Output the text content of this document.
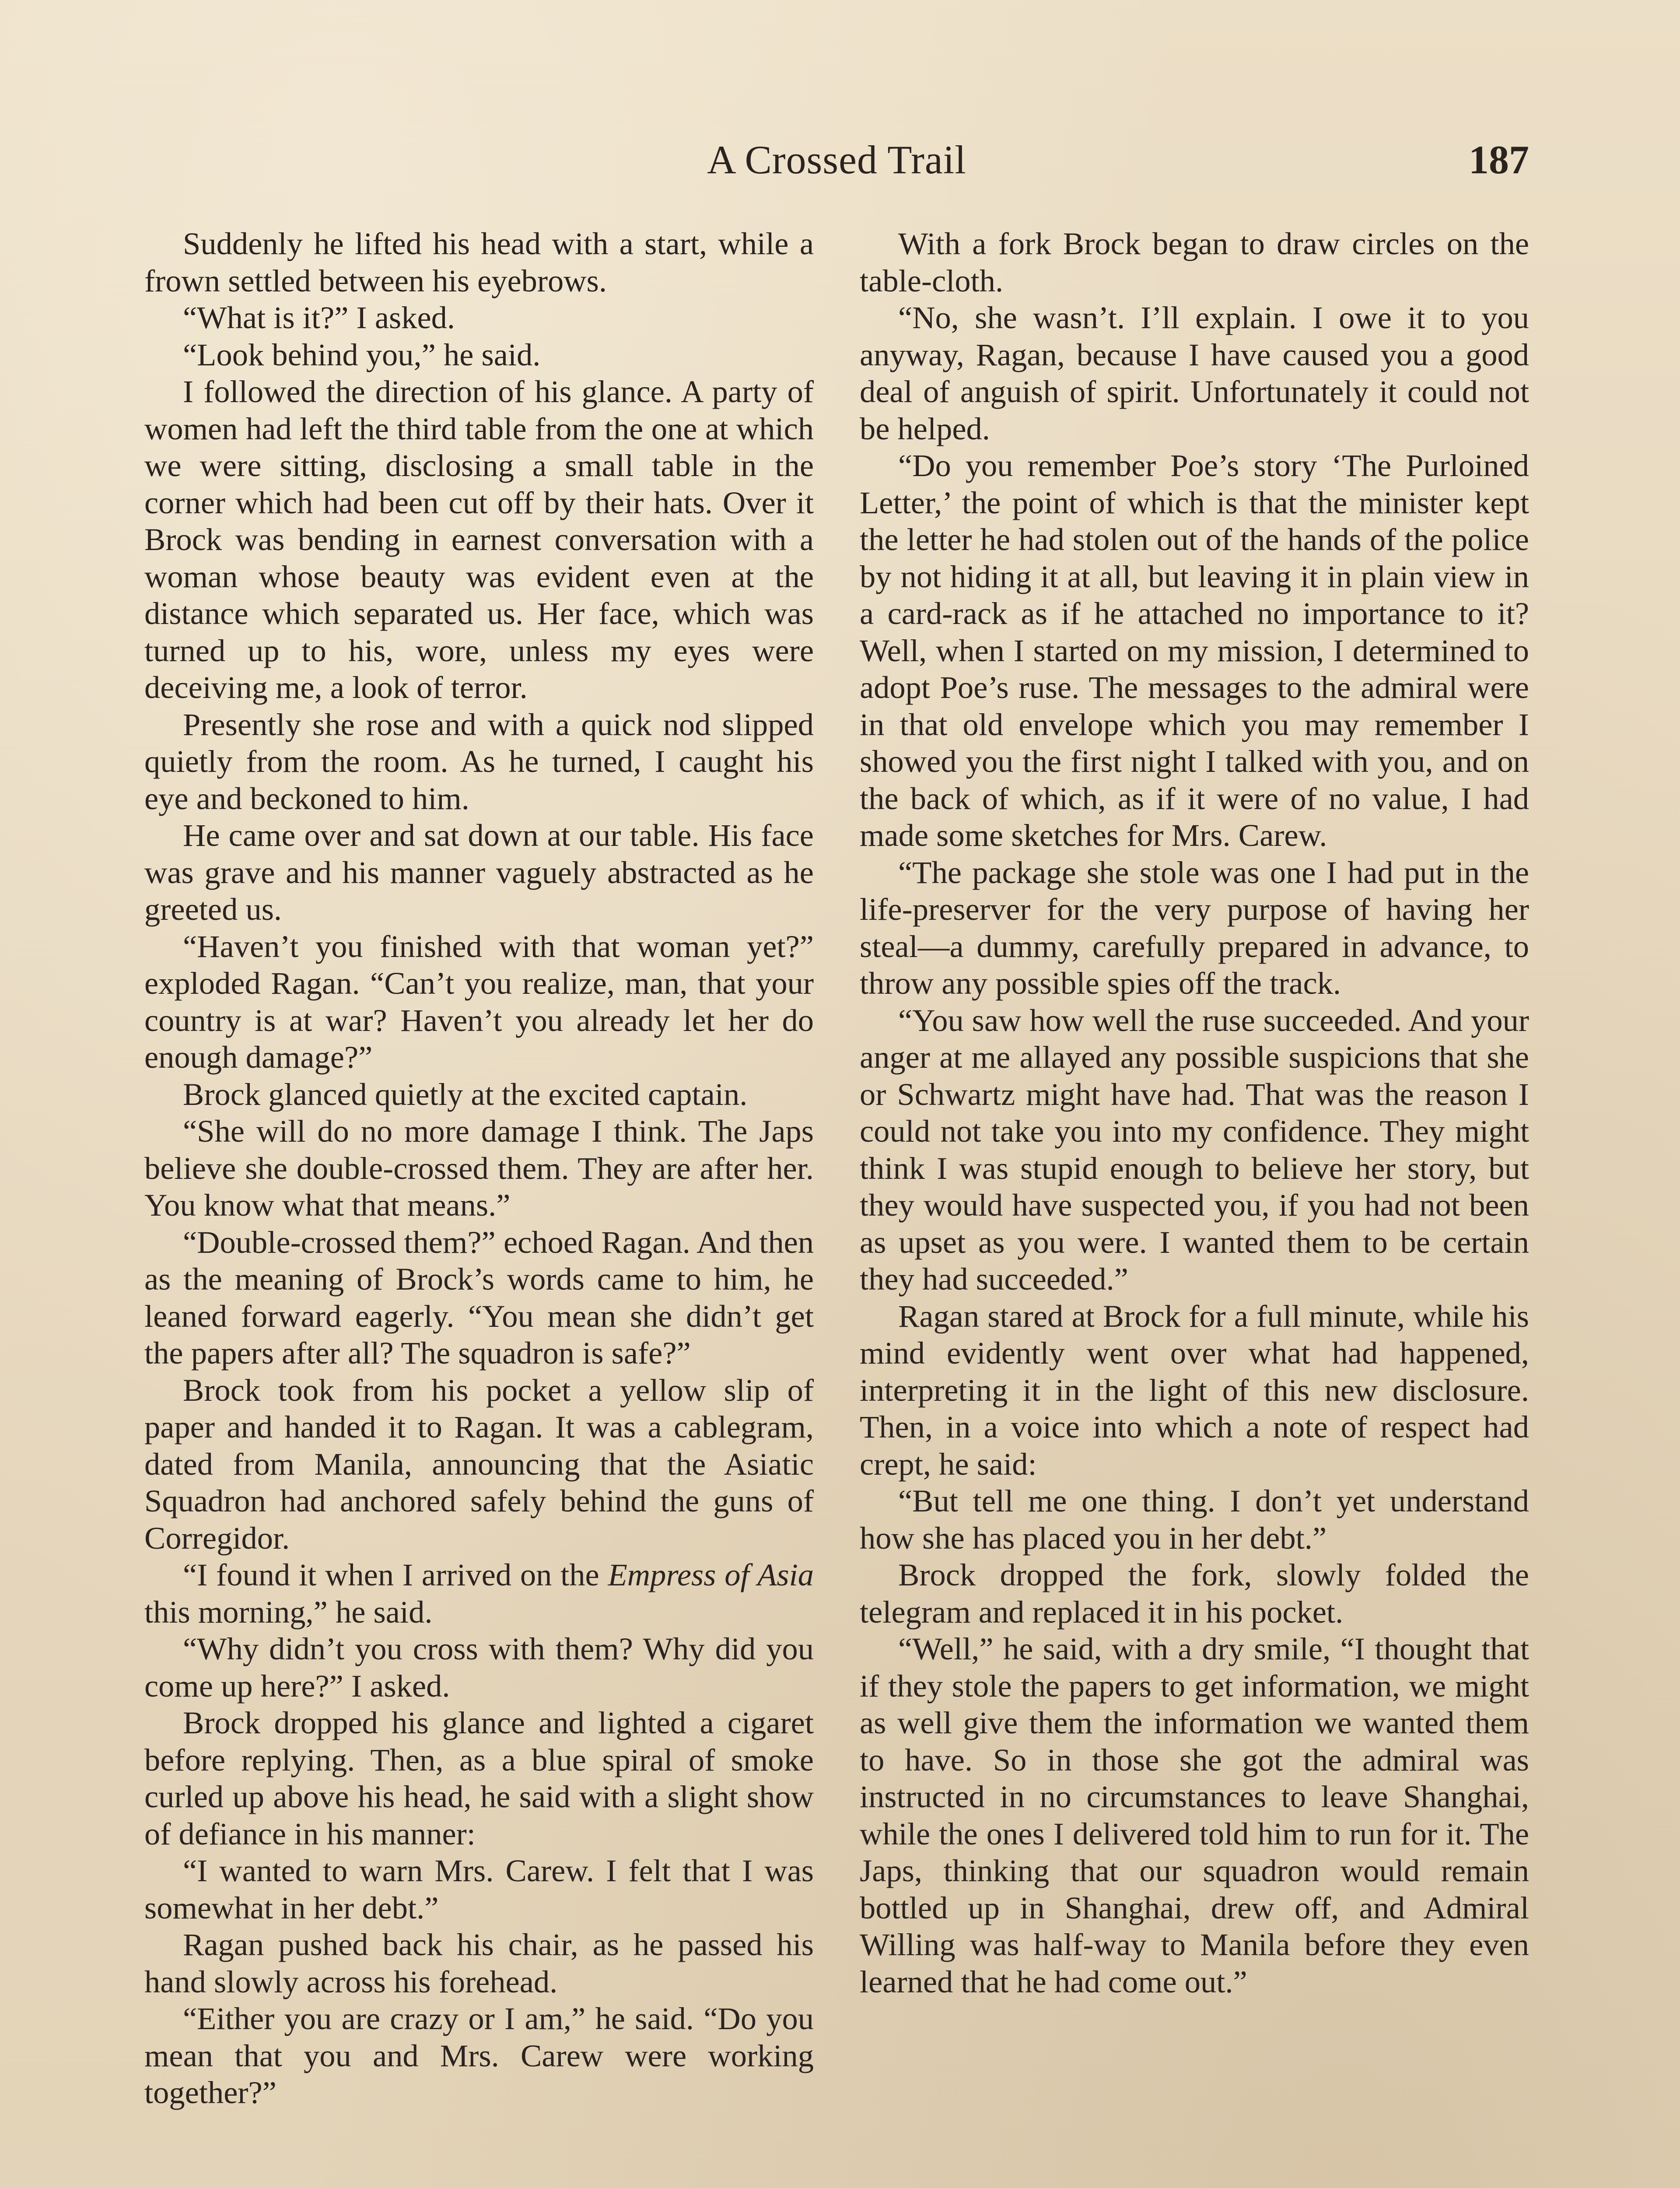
A Crossed Trail	187

Suddenly he lifted his head with a start, while a frown settled between his eyebrows.

“What is it?” I asked.

“Look behind you,” he said.

I followed the direction of his glance. A party of women had left the third table from the one at which we were sitting, disclosing a small table in the corner which had been cut off by their hats. Over it Brock was bending in earnest conversation with a woman whose beauty was evident even at the distance which separated us. Her face, which was turned up to his, wore, unless my eyes were deceiving me, a look of terror.

Presently she rose and with a quick nod slipped quietly from the room. As he turned, I caught his eye and beckoned to him.

He came over and sat down at our table. His face was grave and his manner vaguely abstracted as he greeted us.

“Haven’t you finished with that woman yet?” exploded Ragan. “Can’t you realize, man, that your country is at war? Haven’t you already let her do enough damage?”

Brock glanced quietly at the excited captain.

“She will do no more damage I think. The Japs believe she double-crossed them. They are after her. You know what that means.”

“Double-crossed them?” echoed Ragan. And then as the meaning of Brock’s words came to him, he leaned forward eagerly. “You mean she didn’t get the papers after all? The squadron is safe?”

Brock took from his pocket a yellow slip of paper and handed it to Ragan. It was a cablegram, dated from Manila, announcing that the Asiatic Squadron had anchored safely behind the guns of Corregidor.

“I found it when I arrived on the Empress of Asia this morning,” he said.

“Why didn’t you cross with them? Why did you come up here?” I asked.

Brock dropped his glance and lighted a cigaret before replying. Then, as a blue spiral of smoke curled up above his head, he said with a slight show of defiance in his manner:

“I wanted to warn Mrs. Carew. I felt that I was somewhat in her debt.”

Ragan pushed back his chair, as he passed his hand slowly across his forehead.

“Either you are crazy or I am,” he said. “Do you mean that you and Mrs. Carew were working together?”

With a fork Brock began to draw circles on the table-cloth.

“No, she wasn’t. I’ll explain. I owe it to you anyway, Ragan, because I have caused you a good deal of anguish of spirit. Unfortunately it could not be helped.

“Do you remember Poe’s story ‘The Purloined Letter,’ the point of which is that the minister kept the letter he had stolen out of the hands of the police by not hiding it at all, but leaving it in plain view in a card-rack as if he attached no importance to it? Well, when I started on my mission, I determined to adopt Poe’s ruse. The messages to the admiral were in that old envelope which you may remember I showed you the first night I talked with you, and on the back of which, as if it were of no value, I had made some sketches for Mrs. Carew.

“The package she stole was one I had put in the life-preserver for the very purpose of having her steal—a dummy, carefully prepared in advance, to throw any possible spies off the track.

“You saw how well the ruse succeeded. And your anger at me allayed any possible suspicions that she or Schwartz might have had. That was the reason I could not take you into my confidence. They might think I was stupid enough to believe her story, but they would have suspected you, if you had not been as upset as you were. I wanted them to be certain they had succeeded.”

Ragan stared at Brock for a full minute, while his mind evidently went over what had happened, interpreting it in the light of this new disclosure. Then, in a voice into which a note of respect had crept, he said:

“But tell me one thing. I don’t yet understand how she has placed you in her debt.”

Brock dropped the fork, slowly folded the telegram and replaced it in his pocket.

“Well,” he said, with a dry smile, “I thought that if they stole the papers to get information, we might as well give them the information we wanted them to have. So in those she got the admiral was instructed in no circumstances to leave Shanghai, while the ones I delivered told him to run for it. The Japs, thinking that our squadron would remain bottled up in Shanghai, drew off, and Admiral Willing was half-way to Manila before they even learned that he had come out.”
